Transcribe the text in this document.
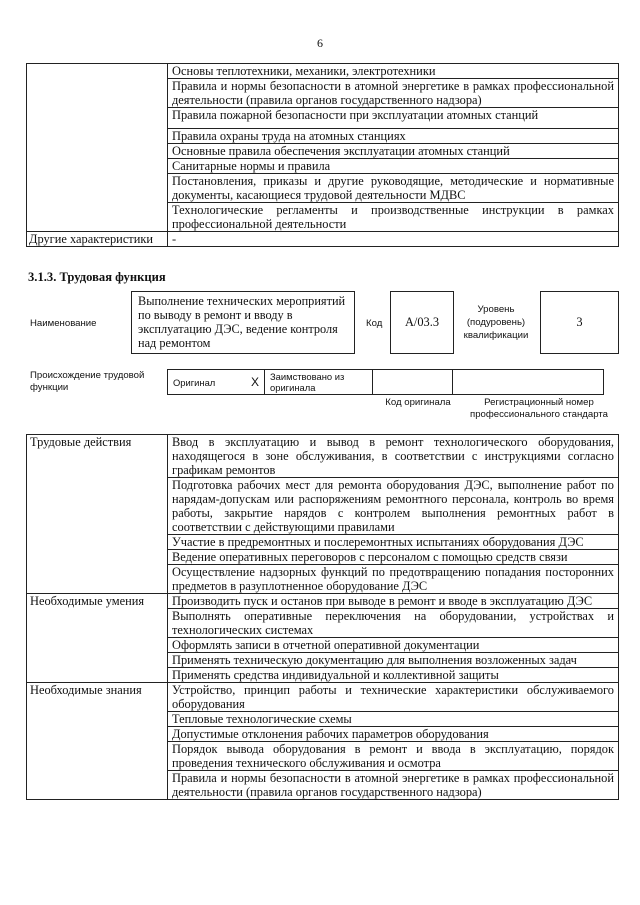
6
	Основы теплотехники, механики, электротехники
	Правила и нормы безопасности в атомной энергетике в рамках профессиональной деятельности (правила органов государственного надзора)
	Правила пожарной безопасности при эксплуатации атомных станций
	Правила охраны труда на атомных станциях
	Основные правила обеспечения эксплуатации атомных станций
	Санитарные нормы и правила
	Постановления, приказы и другие руководящие, методические и нормативные документы, касающиеся трудовой деятельности МДВС
	Технологические регламенты и производственные инструкции в рамках профессиональной деятельности
Другие характеристики	-
3.1.3. Трудовая функция
Наименование
Выполнение технических мероприятий по выводу в ремонт и вводу в эксплуатацию ДЭС, ведение контроля над ремонтом
Код	А/03.3
Уровень (подуровень) квалификации
3
Происхождение трудовой функции	Оригинал	X	Заимствовано из оригинала		
Код оригинала	Регистрационный номер профессионального стандарта
Трудовые действия	Ввод в эксплуатацию и вывод в ремонт технологического оборудования, находящегося в зоне обслуживания, в соответствии с инструкциями согласно графикам ремонтов
	Подготовка рабочих мест для ремонта оборудования ДЭС, выполнение работ по нарядам-допускам или распоряжениям ремонтного персонала, контроль во время работы, закрытие нарядов с контролем выполнения ремонтных работ в соответствии с действующими правилами
	Участие в предремонтных и послеремонтных испытаниях оборудования ДЭС
	Ведение оперативных переговоров с персоналом с помощью средств связи
	Осуществление надзорных функций по предотвращению попадания посторонних предметов в разуплотненное оборудование ДЭС
Необходимые умения	Производить пуск и останов при выводе в ремонт и вводе в эксплуатацию ДЭС
	Выполнять оперативные переключения на оборудовании, устройствах и технологических системах
	Оформлять записи в отчетной оперативной документации
	Применять техническую документацию для выполнения возложенных задач
	Применять средства индивидуальной и коллективной защиты
Необходимые знания	Устройство, принцип работы и технические характеристики обслуживаемого оборудования
	Тепловые технологические схемы
	Допустимые отклонения рабочих параметров оборудования
	Порядок вывода оборудования в ремонт и ввода в эксплуатацию, порядок проведения технического обслуживания и осмотра
	Правила и нормы безопасности в атомной энергетике в рамках профессиональной деятельности (правила органов государственного надзора)
